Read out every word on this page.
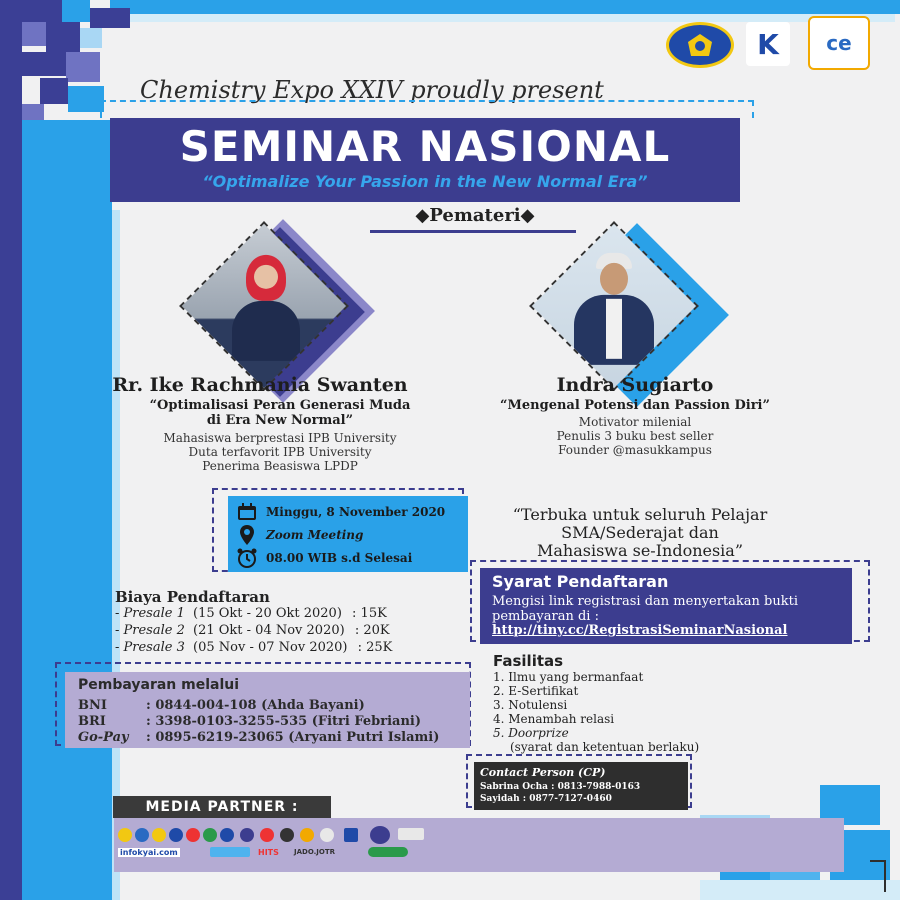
K	ce
Chemistry Expo XXIV proudly present
SEMINAR NASIONAL
“Optimalize Your Passion in the New Normal Era”
◆Pemateri◆
Rr. Ike Rachmania Swanten
“Optimalisasi Peran Generasi Muda
di Era New Normal”
Mahasiswa berprestasi IPB University
Duta terfavorit IPB University
Penerima Beasiswa LPDP
Indra Sugiarto
“Mengenal Potensi dan Passion Diri”
Motivator milenial
Penulis 3 buku best seller
Founder @masukkampus
Minggu, 8 November 2020
Zoom Meeting
08.00 WIB s.d Selesai
“Terbuka untuk seluruh Pelajar
SMA/Sederajat dan
Mahasiswa se-Indonesia”
Biaya Pendaftaran
- Presale 1 (15 Okt - 20 Okt 2020) : 15K
- Presale 2 (21 Okt - 04 Nov 2020) : 20K
- Presale 3 (05 Nov - 07 Nov 2020) : 25K
Syarat Pendaftaran
Mengisi link registrasi dan menyertakan bukti pembayaran di :
http://tiny.cc/RegistrasiSeminarNasional
Fasilitas
1. Ilmu yang bermanfaat
2. E-Sertifikat
3. Notulensi
4. Menambah relasi
5. Doorprize
(syarat dan ketentuan berlaku)
Pembayaran melalui
BNI	: 0844-004-108 (Ahda Bayani)
BRI	: 3398-0103-3255-535 (Fitri Febriani)
Go-Pay : 0895-6219-23065 (Aryani Putri Islami)
Contact Person (CP)
Sabrina Ocha : 0813-7988-0163
Sayidah : 0877-7127-0460
MEDIA PARTNER :
infokyai.com	HITS JADO.JOTR
